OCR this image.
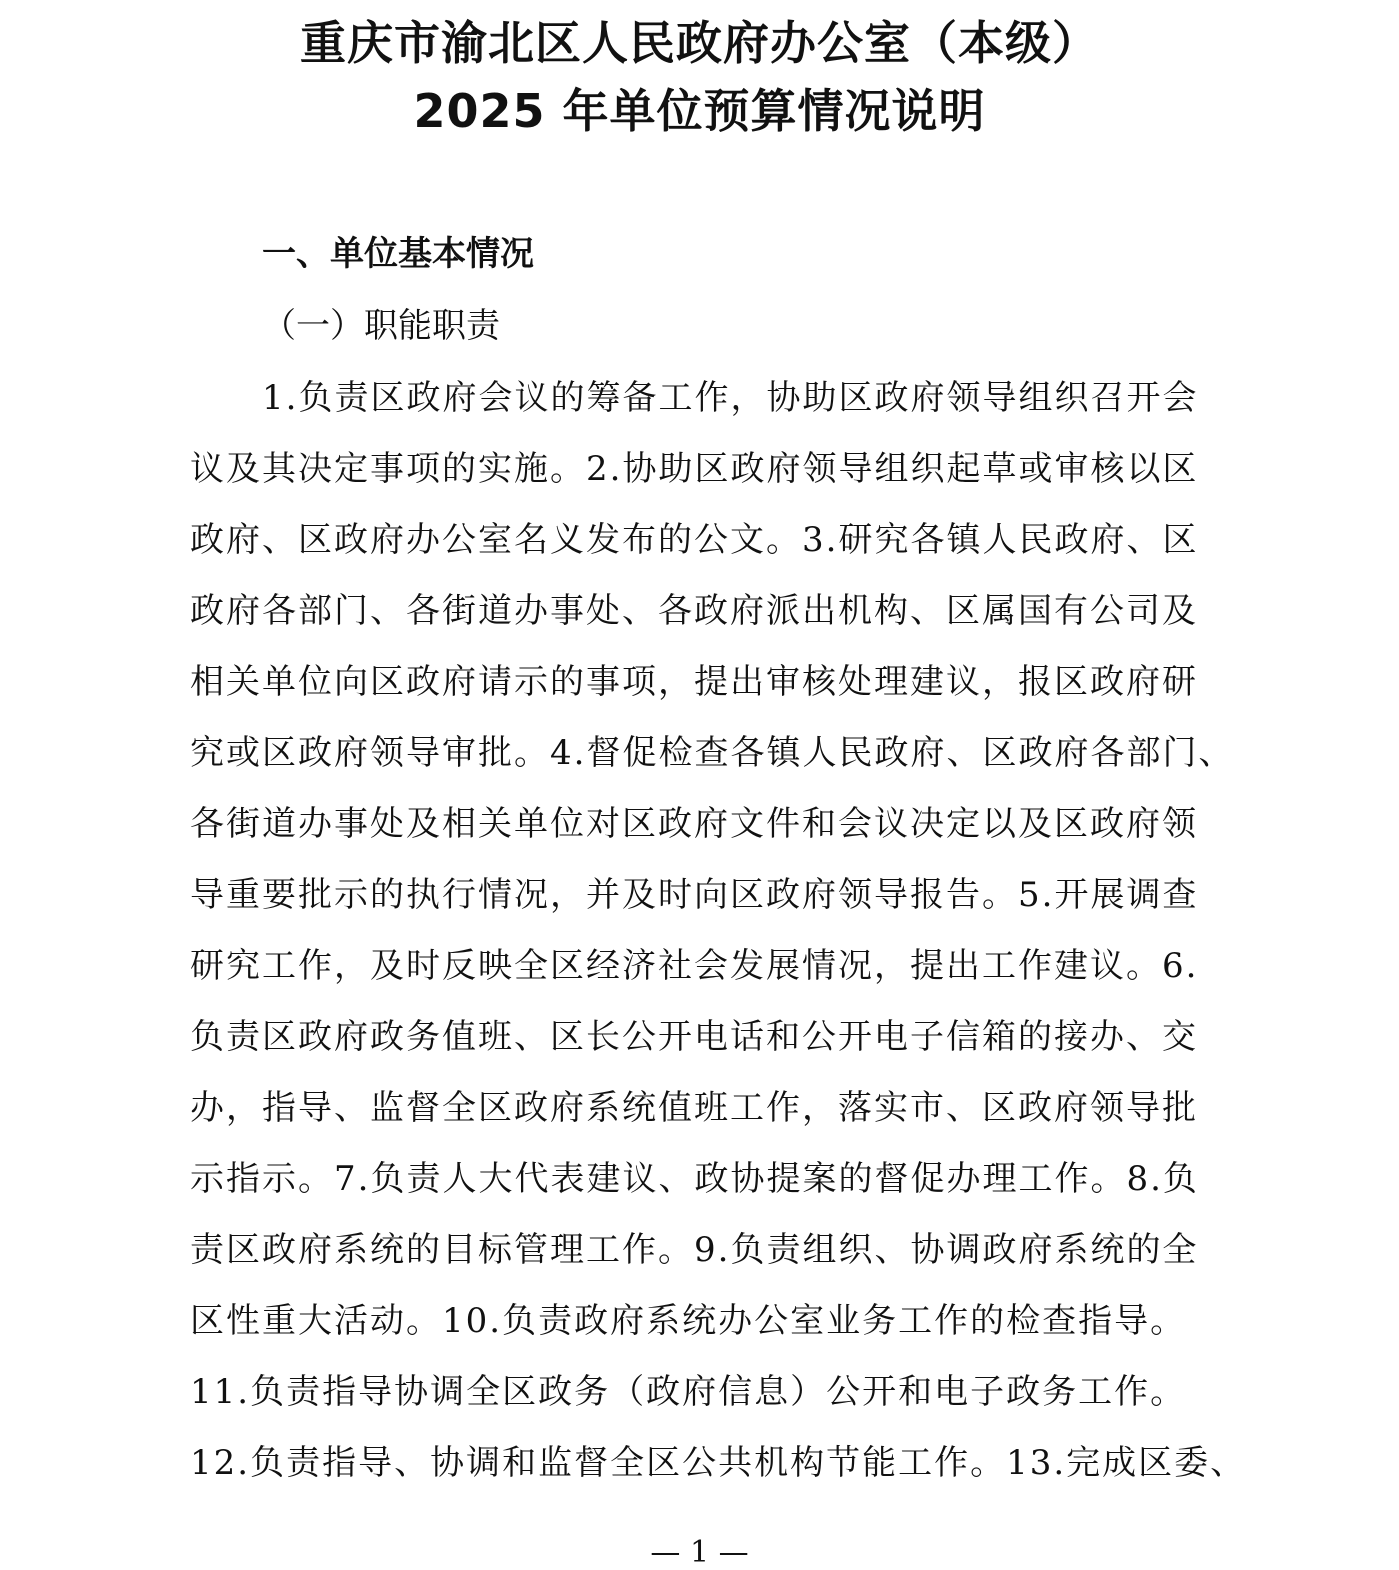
重庆市渝北区人民政府办公室（本级）
2025 年单位预算情况说明
一、单位基本情况
（一）职能职责
1.负责区政府会议的筹备工作，协助区政府领导组织召开会
议及其决定事项的实施。2.协助区政府领导组织起草或审核以区
政府、区政府办公室名义发布的公文。3.研究各镇人民政府、区
政府各部门、各街道办事处、各政府派出机构、区属国有公司及
相关单位向区政府请示的事项，提出审核处理建议，报区政府研
究或区政府领导审批。4.督促检查各镇人民政府、区政府各部门、
各街道办事处及相关单位对区政府文件和会议决定以及区政府领
导重要批示的执行情况，并及时向区政府领导报告。5.开展调查
研究工作，及时反映全区经济社会发展情况，提出工作建议。6.
负责区政府政务值班、区长公开电话和公开电子信箱的接办、交
办，指导、监督全区政府系统值班工作，落实市、区政府领导批
示指示。7.负责人大代表建议、政协提案的督促办理工作。8.负
责区政府系统的目标管理工作。9.负责组织、协调政府系统的全
区性重大活动。10.负责政府系统办公室业务工作的检查指导。
11.负责指导协调全区政务（政府信息）公开和电子政务工作。
12.负责指导、协调和监督全区公共机构节能工作。13.完成区委、
— 1 —
